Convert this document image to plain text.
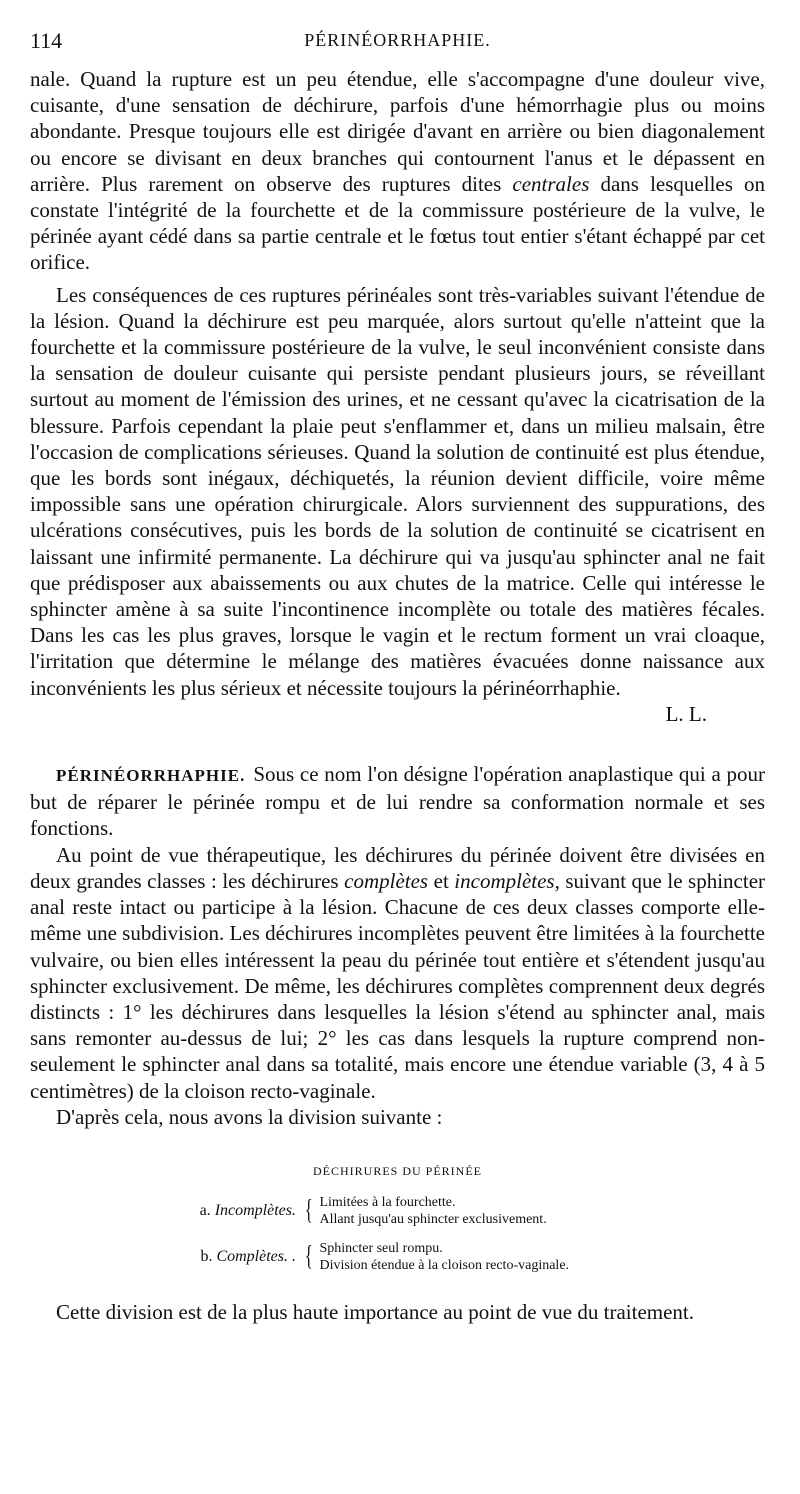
114	PÉRINÉORRHAPHIE.

nale. Quand la rupture est un peu étendue, elle s'accompagne d'une douleur vive, cuisante, d'une sensation de déchirure, parfois d'une hémorrhagie plus ou moins abondante. Presque toujours elle est dirigée d'avant en arrière ou bien diagonalement ou encore se divisant en deux branches qui contournent l'anus et le dépassent en arrière. Plus rarement on observe des ruptures dites centrales dans lesquelles on constate l'intégrité de la fourchette et de la commissure postérieure de la vulve, le périnée ayant cédé dans sa partie centrale et le fœtus tout entier s'étant échappé par cet orifice.

Les conséquences de ces ruptures périnéales sont très-variables suivant l'étendue de la lésion. Quand la déchirure est peu marquée, alors surtout qu'elle n'atteint que la fourchette et la commissure postérieure de la vulve, le seul inconvénient consiste dans la sensation de douleur cuisante qui persiste pendant plusieurs jours, se réveillant surtout au moment de l'émission des urines, et ne cessant qu'avec la cicatrisation de la blessure. Parfois cependant la plaie peut s'enflammer et, dans un milieu malsain, être l'occasion de complications sérieuses. Quand la solution de continuité est plus étendue, que les bords sont inégaux, déchiquetés, la réunion devient difficile, voire même impossible sans une opération chirurgicale. Alors surviennent des suppurations, des ulcérations consécutives, puis les bords de la solution de continuité se cicatrisent en laissant une infirmité permanente. La déchirure qui va jusqu'au sphincter anal ne fait que prédisposer aux abaissements ou aux chutes de la matrice. Celle qui intéresse le sphincter amène à sa suite l'incontinence incomplète ou totale des matières fécales. Dans les cas les plus graves, lorsque le vagin et le rectum forment un vrai cloaque, l'irritation que détermine le mélange des matières évacuées donne naissance aux inconvénients les plus sérieux et nécessite toujours la périnéorrhaphie.
L. L.

PÉRINÉORRHAPHIE. Sous ce nom l'on désigne l'opération anaplastique qui a pour but de réparer le périnée rompu et de lui rendre sa conformation normale et ses fonctions.

Au point de vue thérapeutique, les déchirures du périnée doivent être divisées en deux grandes classes : les déchirures complètes et incomplètes, suivant que le sphincter anal reste intact ou participe à la lésion. Chacune de ces deux classes comporte elle-même une subdivision. Les déchirures incomplètes peuvent être limitées à la fourchette vulvaire, ou bien elles intéressent la peau du périnée tout entière et s'étendent jusqu'au sphincter exclusivement. De même, les déchirures complètes comprennent deux degrés distincts : 1° les déchirures dans lesquelles la lésion s'étend au sphincter anal, mais sans remonter au-dessus de lui; 2° les cas dans lesquels la rupture comprend non-seulement le sphincter anal dans sa totalité, mais encore une étendue variable (3, 4 à 5 centimètres) de la cloison recto-vaginale.

D'après cela, nous avons la division suivante :

DÉCHIRURES DU PÉRINÉE
a. Incomplètes. { Limitées à la fourchette.
Allant jusqu'au sphincter exclusivement.
b. Complètes. . { Sphincter seul rompu.
Division étendue à la cloison recto-vaginale.

Cette division est de la plus haute importance au point de vue du traitement.
